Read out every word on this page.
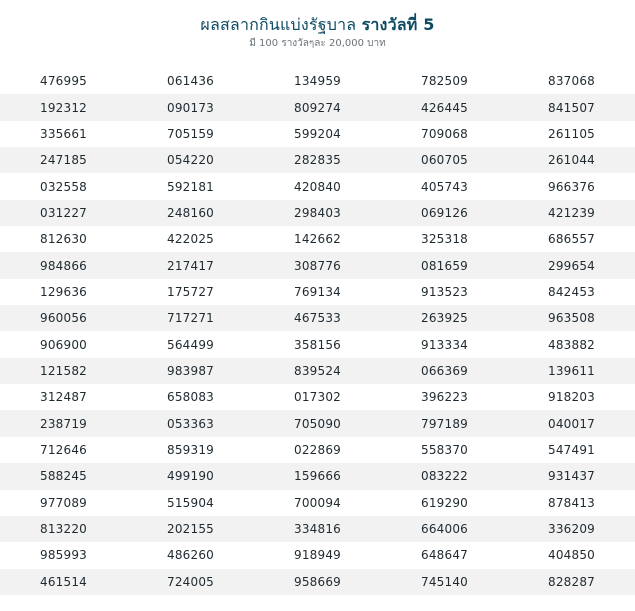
ผลสลากกินแบ่งรัฐบาล รางวัลที่ 5
มี 100 รางวัลๆละ 20,000 บาท
476995	061436	134959	782509	837068
192312	090173	809274	426445	841507
335661	705159	599204	709068	261105
247185	054220	282835	060705	261044
032558	592181	420840	405743	966376
031227	248160	298403	069126	421239
812630	422025	142662	325318	686557
984866	217417	308776	081659	299654
129636	175727	769134	913523	842453
960056	717271	467533	263925	963508
906900	564499	358156	913334	483882
121582	983987	839524	066369	139611
312487	658083	017302	396223	918203
238719	053363	705090	797189	040017
712646	859319	022869	558370	547491
588245	499190	159666	083222	931437
977089	515904	700094	619290	878413
813220	202155	334816	664006	336209
985993	486260	918949	648647	404850
461514	724005	958669	745140	828287
